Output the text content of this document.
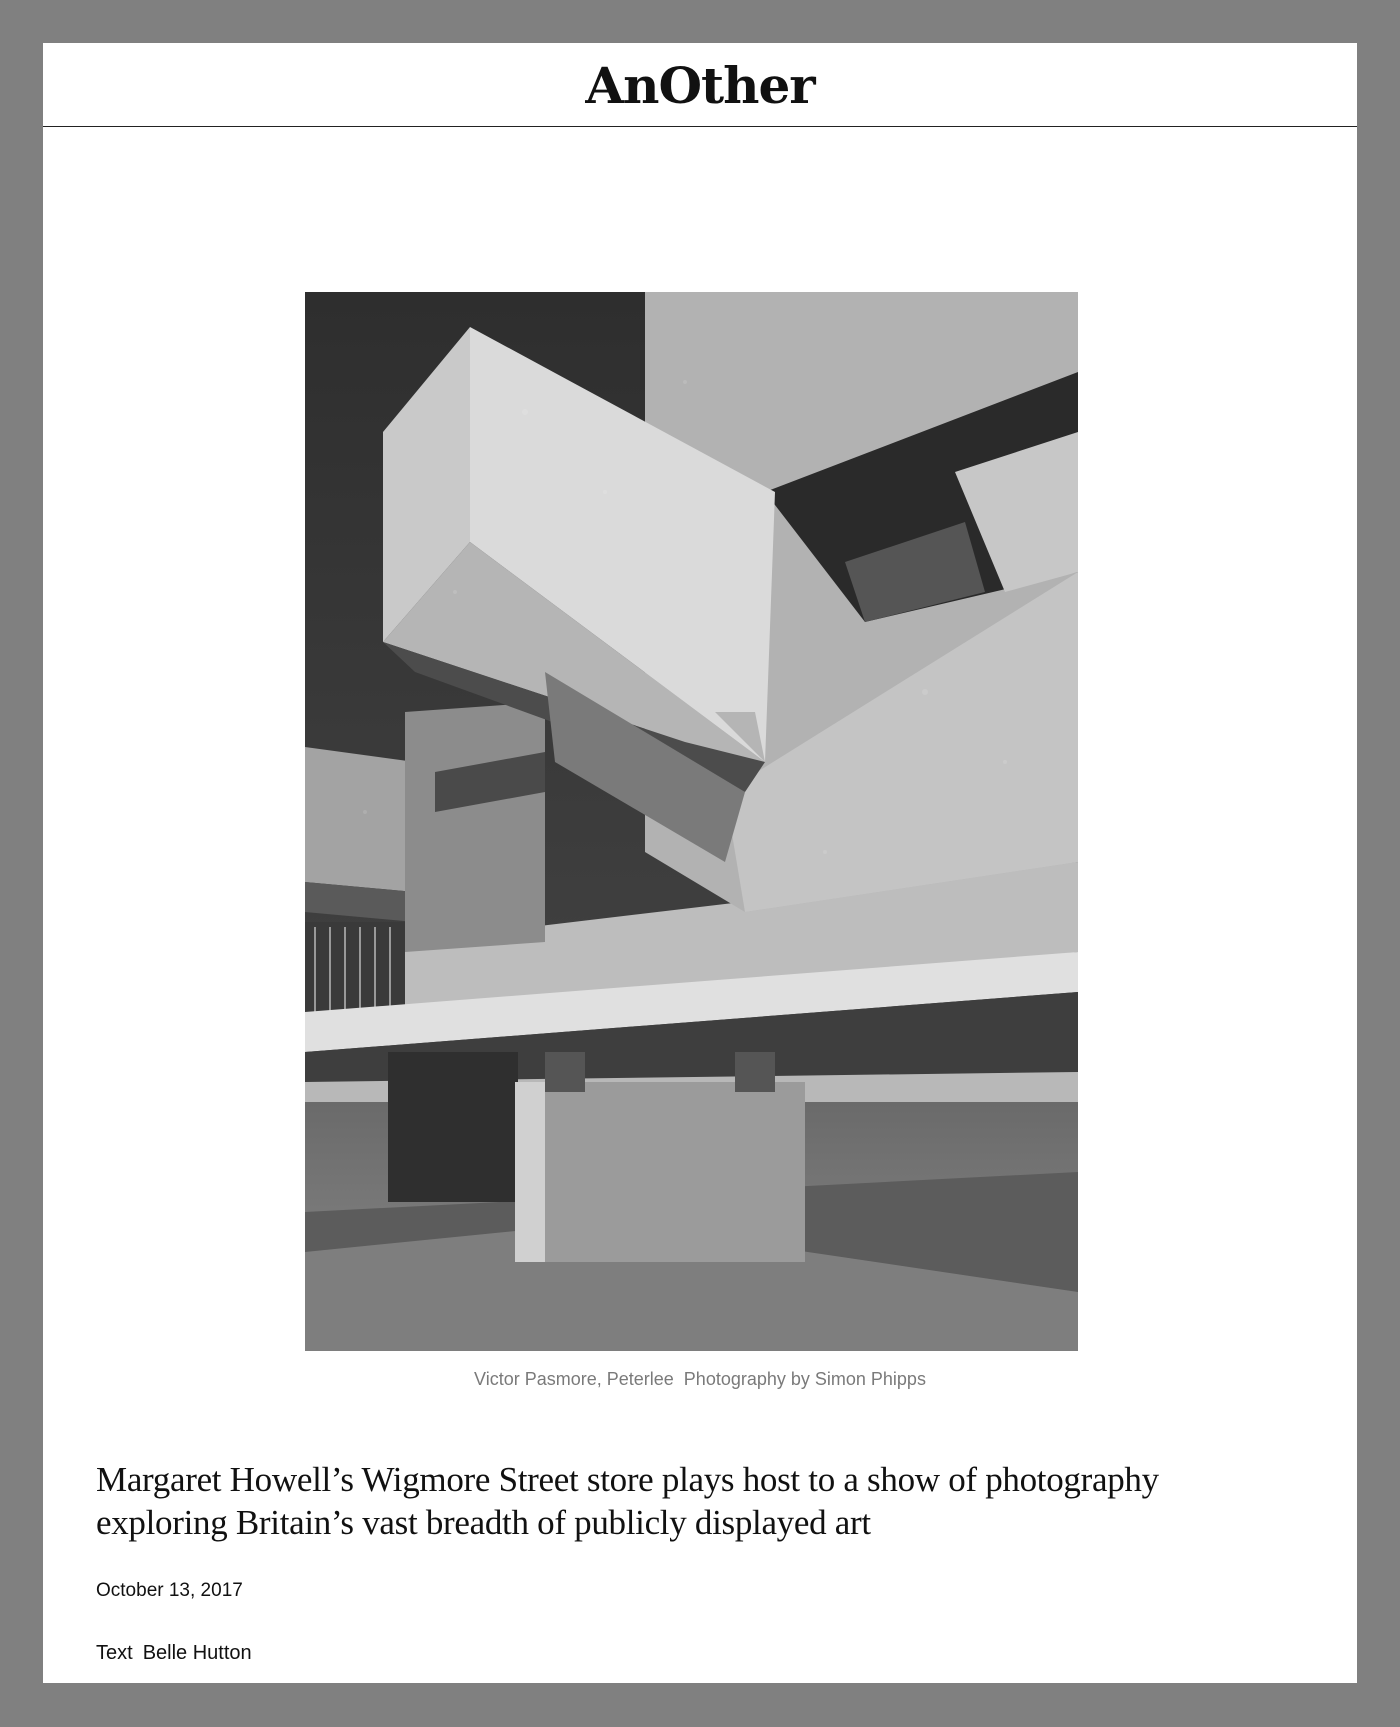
AnOther
Victor Pasmore, Peterlee Photography by Simon Phipps
Margaret Howell’s Wigmore Street store plays host to a show of photography exploring Britain’s vast breadth of publicly displayed art
October 13, 2017
Text Belle Hutton
